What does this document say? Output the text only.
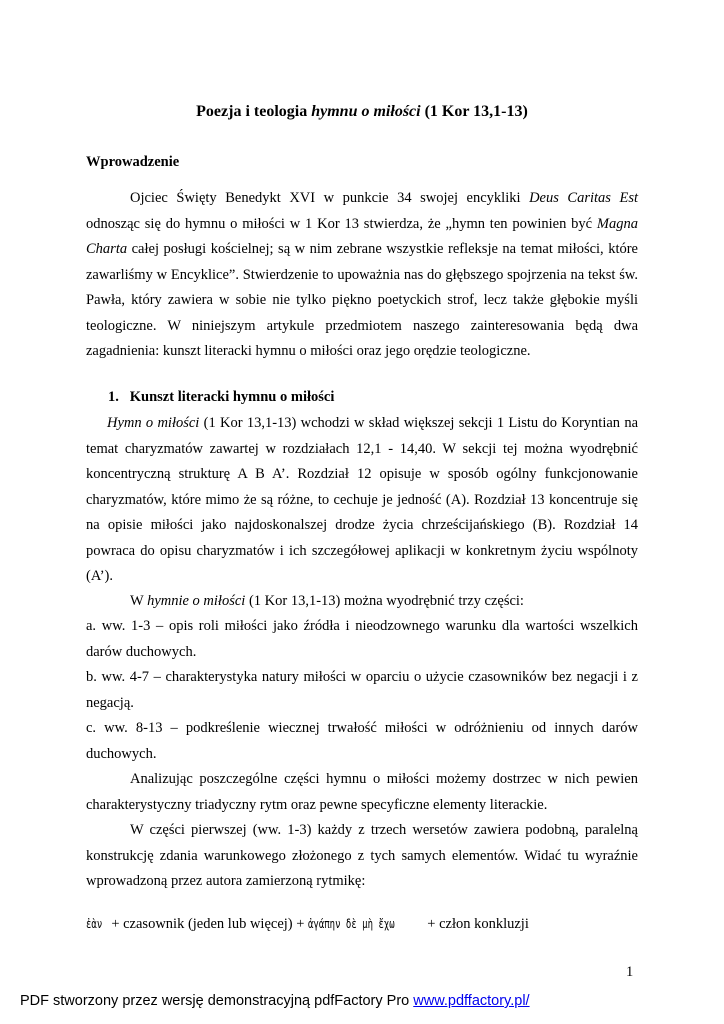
Poezja i teologia hymnu o miłości (1 Kor 13,1-13)
Wprowadzenie

Ojciec Święty Benedykt XVI w punkcie 34 swojej encykliki Deus Caritas Est odnosząc się do hymnu o miłości w 1 Kor 13 stwierdza, że „hymn ten powinien być Magna Charta całej posługi kościelnej; są w nim zebrane wszystkie refleksje na temat miłości, które zawarliśmy w Encyklice”. Stwierdzenie to upoważnia nas do głębszego spojrzenia na tekst św. Pawła, który zawiera w sobie nie tylko piękno poetyckich strof, lecz także głębokie myśli teologiczne. W niniejszym artykule przedmiotem naszego zainteresowania będą dwa zagadnienia: kunszt literacki hymnu o miłości oraz jego orędzie teologiczne.

1.   Kunszt literacki hymnu o miłości

Hymn o miłości (1 Kor 13,1-13) wchodzi w skład większej sekcji 1 Listu do Koryntian na temat charyzmatów zawartej w rozdziałach 12,1 - 14,40. W sekcji tej można wyodrębnić koncentryczną strukturę A B A’. Rozdział 12 opisuje w sposób ogólny funkcjonowanie charyzmatów, które mimo że są różne, to cechuje je jedność (A). Rozdział 13 koncentruje się na opisie miłości jako najdoskonalszej drodze życia chrześcijańskiego (B). Rozdział 14 powraca do opisu charyzmatów i ich szczegółowej aplikacji w konkretnym życiu wspólnoty (A’).

W hymnie o miłości (1 Kor 13,1-13) można wyodrębnić trzy części:

a. ww. 1-3 – opis roli miłości jako źródła i nieodzownego warunku dla wartości wszelkich darów duchowych.

b. ww. 4-7 – charakterystyka natury miłości w oparciu o użycie czasowników bez negacji i z negacją.

c. ww. 8-13 – podkreślenie wiecznej trwałość miłości w odróżnieniu od innych darów duchowych.

Analizując poszczególne części hymnu o miłości możemy dostrzec w nich pewien charakterystyczny triadyczny rytm oraz pewne specyficzne elementy literackie.

W części pierwszej (ww. 1-3) każdy z trzech wersetów zawiera podobną, paralelną konstrukcję zdania warunkowego złożonego z tych samych elementów. Widać tu wyraźnie wprowadzoną przez autora zamierzoną rytmikę:

ἐὰν + czasownik (jeden lub więcej) + ἀγάπην δὲ μὴ ἔχω + człon konkluzji
1
PDF stworzony przez wersję demonstracyjną pdfFactory Pro www.pdffactory.pl/
